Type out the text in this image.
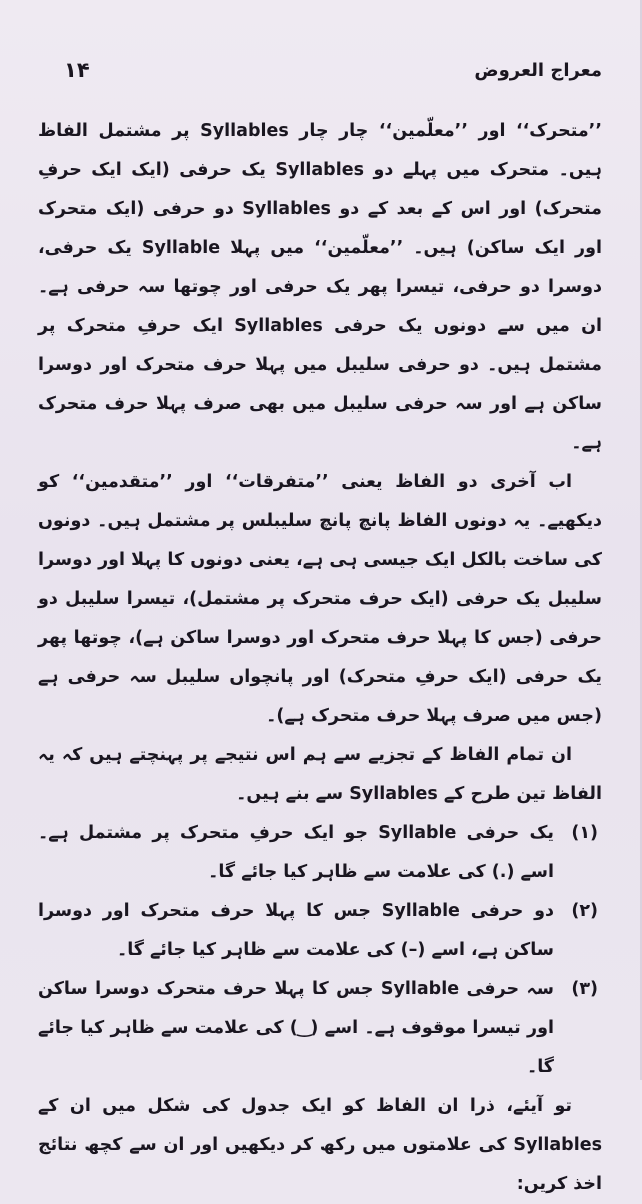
۱۴	معراج العروض

’’متحرک‘‘ اور ’’معلّمین‘‘ چار چار Syllables پر مشتمل الفاظ ہیں۔ متحرک میں پہلے دو Syllables یک حرفی (ایک ایک حرفِ متحرک) اور اس کے بعد کے دو Syllables دو حرفی (ایک متحرک اور ایک ساکن) ہیں۔ ’’معلّمین‘‘ میں پہلا Syllable یک حرفی، دوسرا دو حرفی، تیسرا پھر یک حرفی اور چوتھا سہ حرفی ہے۔ ان میں سے دونوں یک حرفی Syllables ایک حرفِ متحرک پر مشتمل ہیں۔ دو حرفی سلیبل میں پہلا حرف متحرک اور دوسرا ساکن ہے اور سہ حرفی سلیبل میں بھی صرف پہلا حرف متحرک ہے۔

اب آخری دو الفاظ یعنی ’’متفرقات‘‘ اور ’’متقدمین‘‘ کو دیکھیے۔ یہ دونوں الفاظ پانچ پانچ سلیبلس پر مشتمل ہیں۔ دونوں کی ساخت بالکل ایک جیسی ہی ہے، یعنی دونوں کا پہلا اور دوسرا سلیبل یک حرفی (ایک حرف متحرک پر مشتمل)، تیسرا سلیبل دو حرفی (جس کا پہلا حرف متحرک اور دوسرا ساکن ہے)، چوتھا پھر یک حرفی (ایک حرفِ متحرک) اور پانچواں سلیبل سہ حرفی ہے (جس میں صرف پہلا حرف متحرک ہے)۔

ان تمام الفاظ کے تجزیے سے ہم اس نتیجے پر پہنچتے ہیں کہ یہ الفاظ تین طرح کے Syllables سے بنے ہیں۔

(۱)
یک حرفی Syllable جو ایک حرفِ متحرک پر مشتمل ہے۔ اسے (.) کی علامت سے ظاہر کیا جائے گا۔
(۲)
دو حرفی Syllable جس کا پہلا حرف متحرک اور دوسرا ساکن ہے، اسے (–) کی علامت سے ظاہر کیا جائے گا۔
(۳)
سہ حرفی Syllable جس کا پہلا حرف متحرک دوسرا ساکن اور تیسرا موقوف ہے۔ اسے ( ͜ ) کی علامت سے ظاہر کیا جائے گا۔

تو آیئے، ذرا ان الفاظ کو ایک جدول کی شکل میں ان کے Syllables کی علامتوں میں رکھ کر دیکھیں اور ان سے کچھ نتائج اخذ کریں:
